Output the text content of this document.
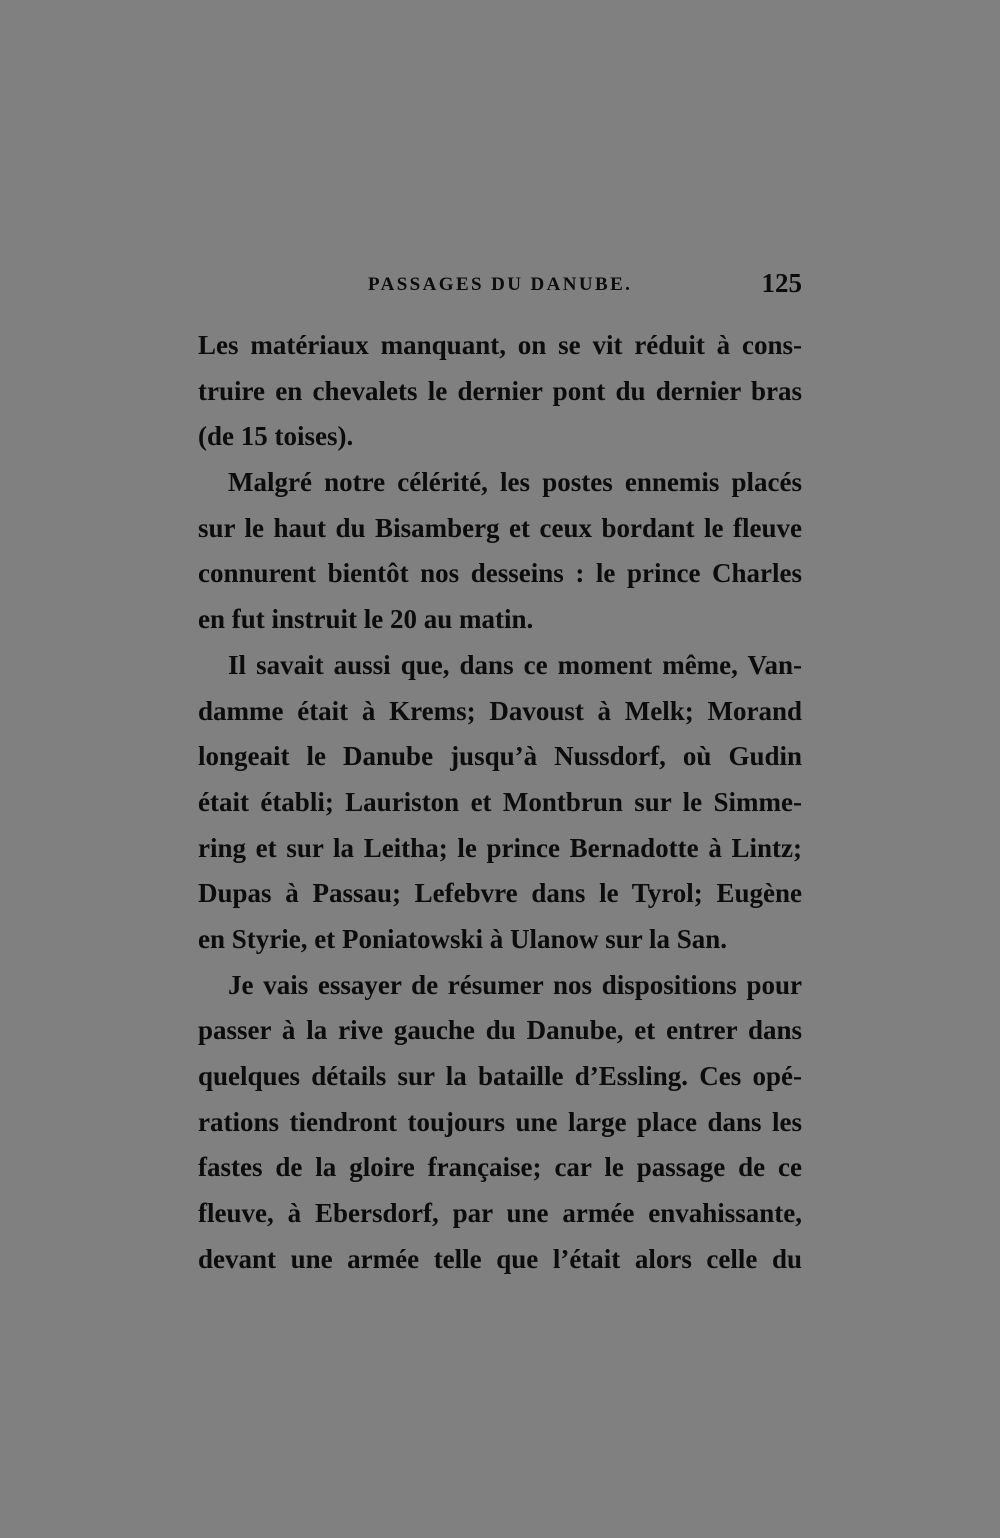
PASSAGES DU DANUBE.	125
Les matériaux manquant, on se vit réduit à cons-
truire en chevalets le dernier pont du dernier bras
(de 15 toises).
Malgré notre célérité, les postes ennemis placés
sur le haut du Bisamberg et ceux bordant le fleuve
connurent bientôt nos desseins : le prince Charles
en fut instruit le 20 au matin.
Il savait aussi que, dans ce moment même, Van-
damme était à Krems; Davoust à Melk; Morand
longeait le Danube jusqu’à Nussdorf, où Gudin
était établi; Lauriston et Montbrun sur le Simme-
ring et sur la Leitha; le prince Bernadotte à Lintz;
Dupas à Passau; Lefebvre dans le Tyrol; Eugène
en Styrie, et Poniatowski à Ulanow sur la San.
Je vais essayer de résumer nos dispositions pour
passer à la rive gauche du Danube, et entrer dans
quelques détails sur la bataille d’Essling. Ces opé-
rations tiendront toujours une large place dans les
fastes de la gloire française; car le passage de ce
fleuve, à Ebersdorf, par une armée envahissante,
devant une armée telle que l’était alors celle du
